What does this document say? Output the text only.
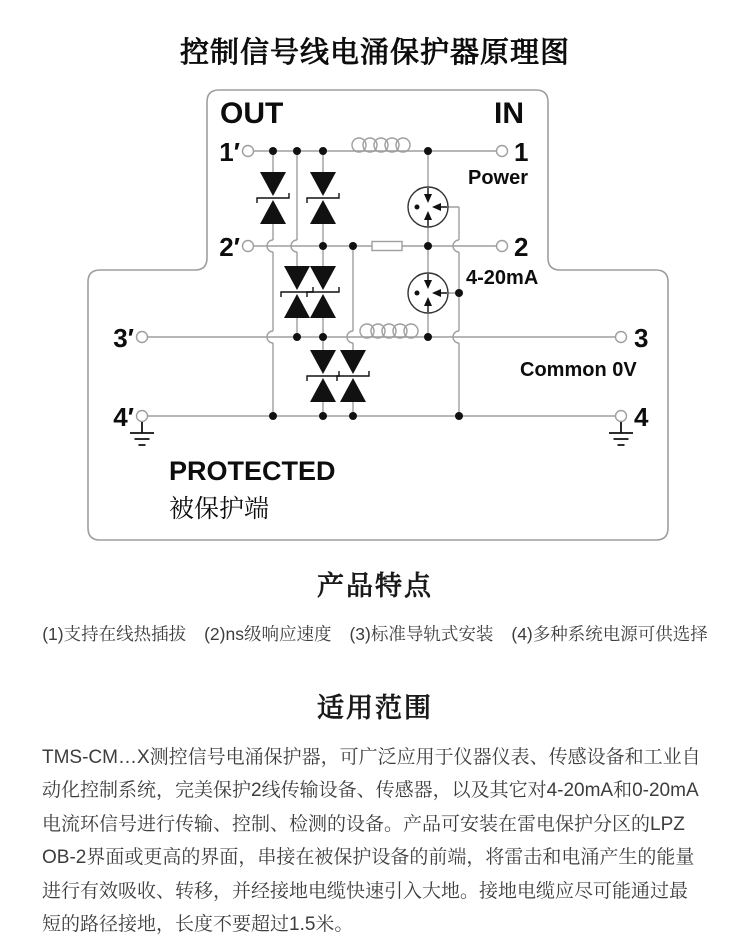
控制信号线电涌保护器原理图
OUT	IN
1′
2′
3′
4′
1
2
3
4
Power
4-20mA
Common 0V
PROTECTED
被保护端
产品特点
(1)支持在线热插拔 (2)ns级响应速度 (3)标准导轨式安装 (4)多种系统电源可供选择
适用范围
TMS-CM…X测控信号电涌保护器，可广泛应用于仪器仪表、传感设备和工业自
动化控制系统，完美保护2线传输设备、传感器，以及其它对4-20mA和0-20mA
电流环信号进行传输、控制、检测的设备。产品可安装在雷电保护分区的LPZ
OB-2界面或更高的界面，串接在被保护设备的前端，将雷击和电涌产生的能量
进行有效吸收、转移，并经接地电缆快速引入大地。接地电缆应尽可能通过最
短的路径接地，长度不要超过1.5米。
